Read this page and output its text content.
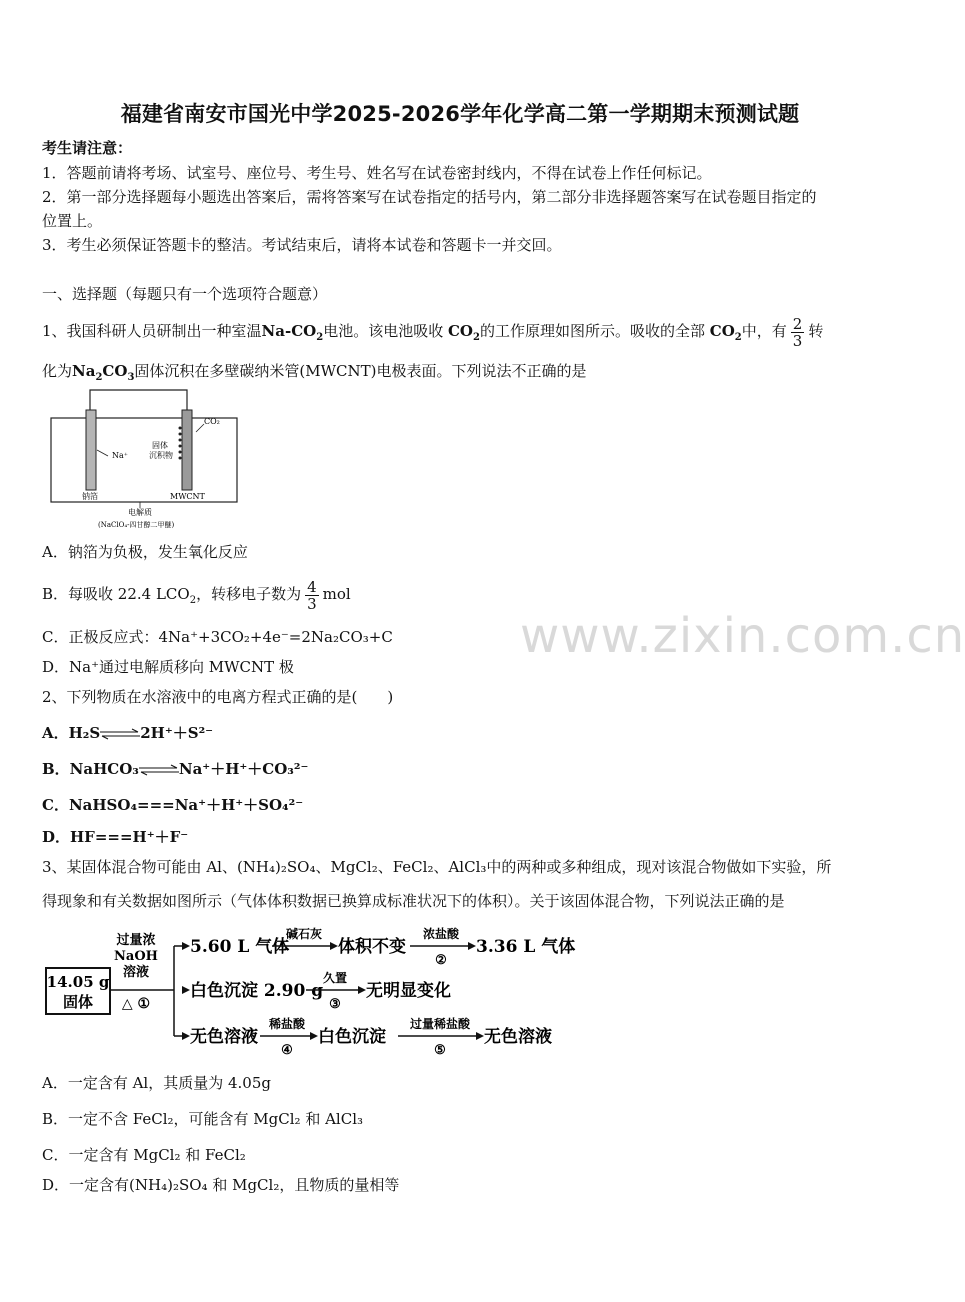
福建省南安市国光中学2025-2026学年化学高二第一学期期末预测试题
考生请注意：
1．答题前请将考场、试室号、座位号、考生号、姓名写在试卷密封线内，不得在试卷上作任何标记。
2．第一部分选择题每小题选出答案后，需将答案写在试卷指定的括号内，第二部分非选择题答案写在试卷题目指定的
位置上。
3．考生必须保证答题卡的整洁。考试结束后，请将本试卷和答题卡一并交回。
一、选择题（每题只有一个选项符合题意）
1、我国科研人员研制出一种室温$Na-CO_2$电池。该电池吸收 $CO_2$的工作原理如图所示。吸收的全部 $CO_2$中，有 $\frac{2}{3}$ 转
化为$Na_2CO_3$固体沉积在多壁碳纳米管(MWCNT)电极表面。下列说法不正确的是
Na⁺
CO₂
固体
沉积物
钠箔	MWCNT
电解质
(NaClO₄-四甘醇二甲醚)
A．钠箔为负极，发生氧化反应
B．每吸收 22.4 $LCO_2$，转移电子数为 $\frac{4}{3}$ mol
C．正极反应式：4Na⁺+3CO₂+4e⁻=2Na₂CO₃+C
D．Na⁺通过电解质移向 MWCNT 极
www.zixin.com.cn
2、下列物质在水溶液中的电离方程式正确的是(　　)
A．H₂S⇌2H⁺＋S²⁻
B．NaHCO₃⇌Na⁺＋H⁺＋CO₃²⁻
C．NaHSO₄===Na⁺＋H⁺＋SO₄²⁻
D．HF===H⁺＋F⁻
3、某固体混合物可能由 Al、(NH₄)₂SO₄、MgCl₂、FeCl₂、AlCl₃中的两种或多种组成，现对该混合物做如下实验，所
得现象和有关数据如图所示（气体体积数据已换算成标准状况下的体积）。关于该固体混合物，下列说法正确的是
14.05 g
固体
过量浓
NaOH
溶液
△ ①
5.60 L 气体
碱石灰
体积不变
浓盐酸
②
3.36 L 气体
白色沉淀 2.90 g
久置
③
无明显变化
无色溶液
稀盐酸
④
白色沉淀
过量稀盐酸
⑤
无色溶液
A．一定含有 Al，其质量为 4.05g
B．一定不含 FeCl₂，可能含有 MgCl₂ 和 AlCl₃
C．一定含有 MgCl₂ 和 FeCl₂
D．一定含有(NH₄)₂SO₄ 和 MgCl₂，且物质的量相等
